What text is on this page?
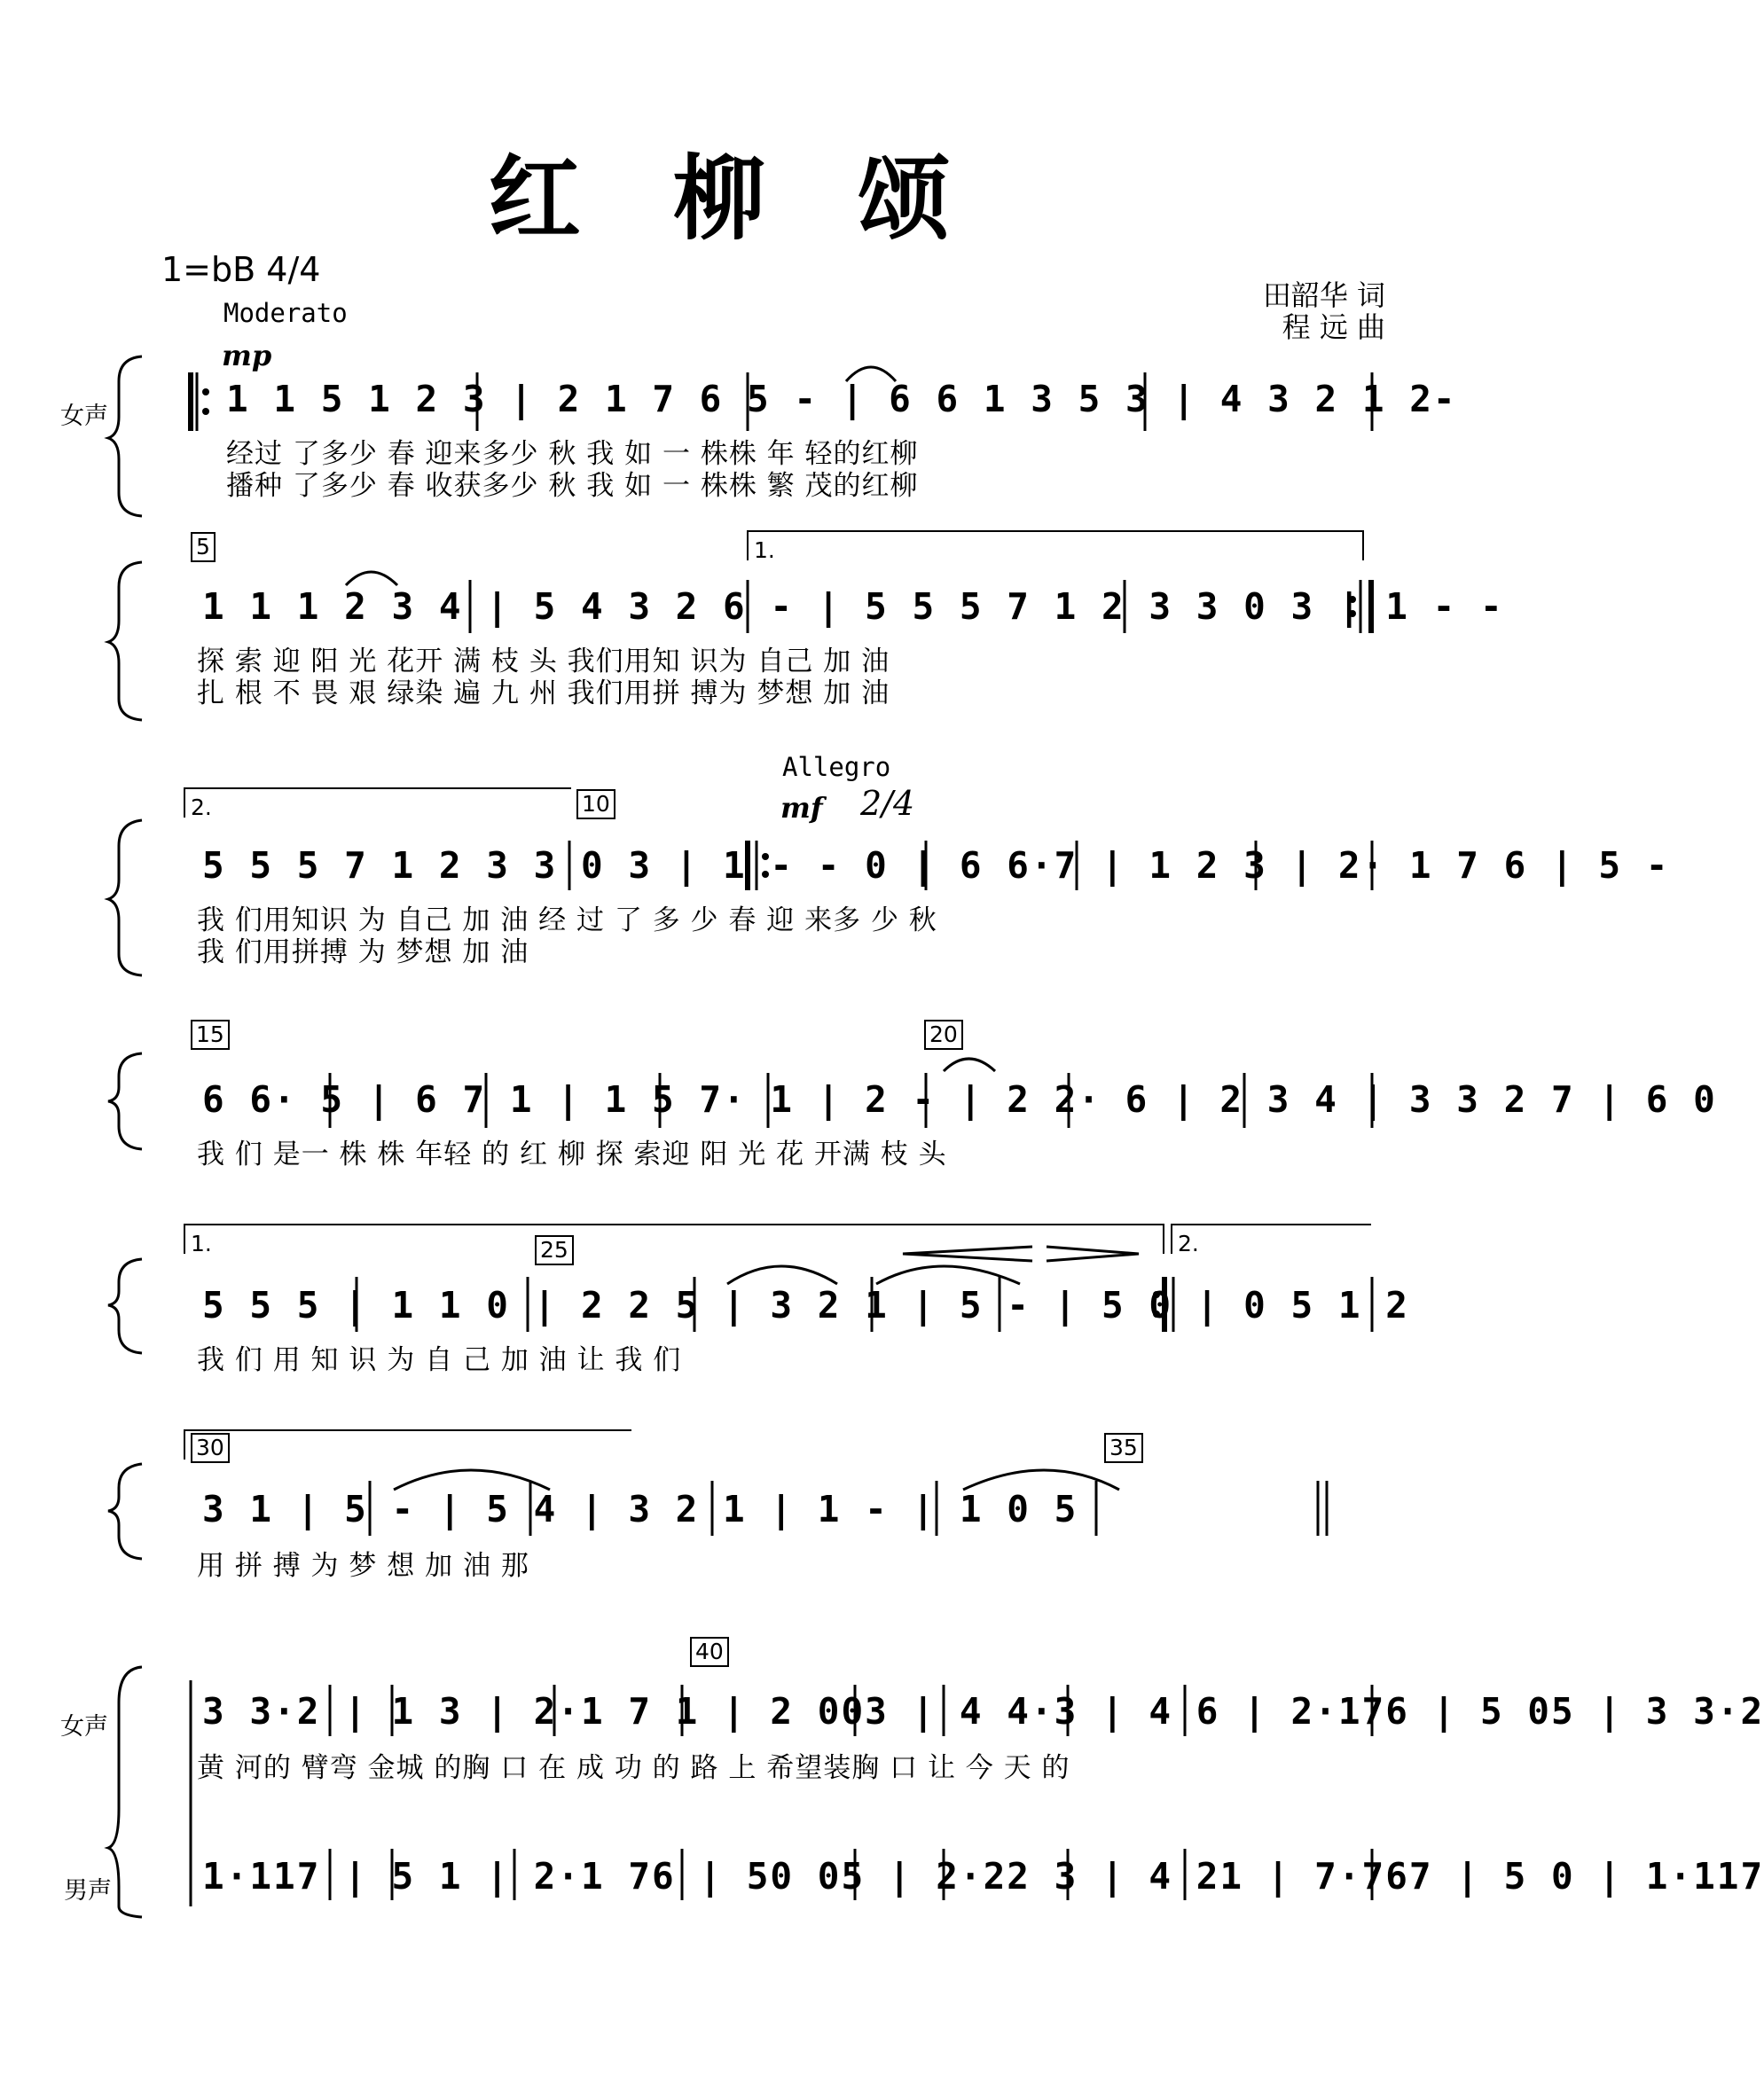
红 柳 颂
1=bB 4/4
Moderato
田韶华 词
程 远 曲
女声
女声
男声
mp
Allegro
mf 2/4
5
10
15	20
25
30	35
40
1.
2.
1.	2.
1 1 5 1 2 3 | 2 1 7 6 5 - | 6 6 1 3 5 3 | 4 3 2 1 2-
经过 了多少 春 迎来多少 秋 我 如 一 株株 年 轻的红柳
播种 了多少 春 收获多少 秋 我 如 一 株株 繁 茂的红柳
1 1 1 2 3 4 | 5 4 3 2 6 - | 5 5 5 7 1 2 3 3 0 3 | 1 - -
探 索 迎 阳 光 花开 满 枝 头 我们用知 识为 自己 加 油
扎 根 不 畏 艰 绿染 遍 九 州 我们用拼 搏为 梦想 加 油
5 5 5 7 1 2 3 3 0 3 | 1 - - 0 | 6 6·7 | 1 2 3 | 2· 1 7 6 | 5 -
我 们用知识 为 自己 加 油 经 过 了 多 少 春 迎 来多 少 秋
我 们用拼搏 为 梦想 加 油
6 6· 5 | 6 7 1 | 1 5 7· 1 | 2 - | 2 2· 6 | 2 3 4 | 3 3 2 7 | 6 0
我 们 是一 株 株 年轻 的 红 柳 探 索迎 阳 光 花 开满 枝 头
5 5 5 | 1 1 0 | 2 2 5 | 3 2 1 | 5 - | 5 0 | 0 5 1 2
我 们 用 知 识 为 自 己 加 油 让 我 们
3 1 | 5 - | 5 4 | 3 2 1 | 1 - | 1 0 5
用 拼 搏 为 梦 想 加 油 那
3 3·2 | 1 3 | 2·1 7 1 | 2 003 | 4 4·3 | 4 6 | 2·176 | 5 05 | 3 3·2
黄 河的 臂弯 金城 的胸 口 在 成 功 的 路 上 希望装胸 口 让 今 天 的
1·117 | 5 1 | 2·1 76 | 50 05 | 2·22 3 | 4 21 | 7·767 | 5 0 | 1·117
